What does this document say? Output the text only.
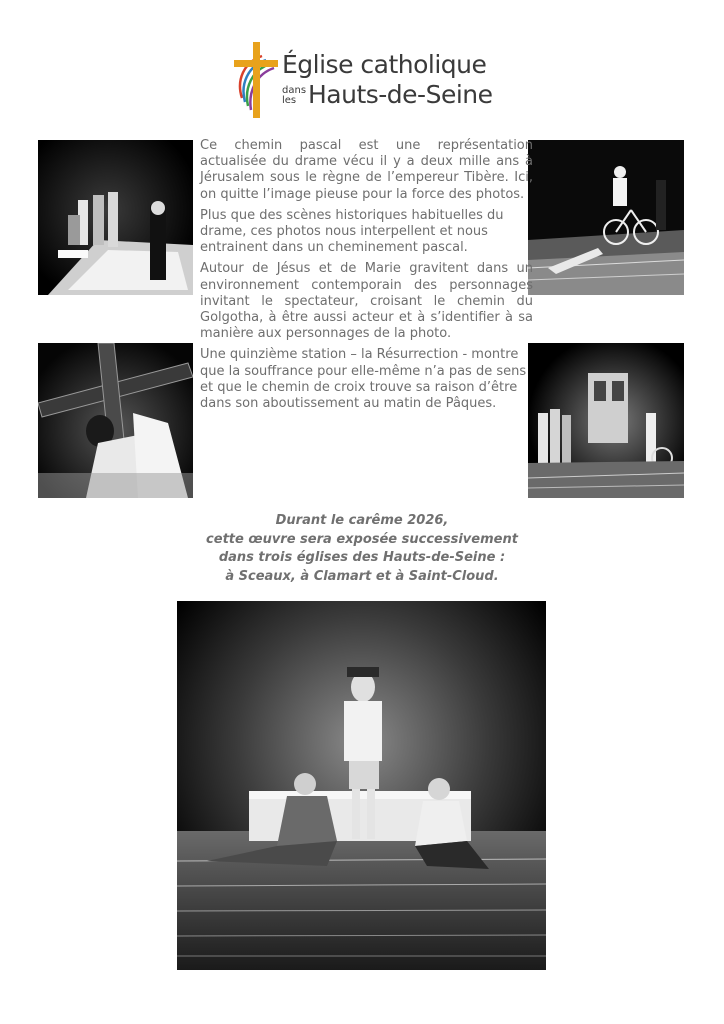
Église catholique
dans
les Hauts-de-Seine

Ce chemin pascal est une représentation actualisée du drame vécu il y a deux mille ans à Jérusalem sous le règne de l’empereur Tibère. Ici, on quitte l’image pieuse pour la force des photos.

Plus que des scènes historiques habituelles du drame, ces photos nous interpellent et nous entrainent dans un cheminement pascal.

Autour de Jésus et de Marie gravitent dans un environnement contemporain des personnages invitant le spectateur, croisant le chemin du Golgotha, à être aussi acteur et à s’identifier à sa manière aux personnages de la photo.

Une quinzième station – la Résurrection - montre que la souffrance pour elle-même n’a pas de sens et que le chemin de croix trouve sa raison d’être dans son aboutissement au matin de Pâques.

Durant le carême 2026,
cette œuvre sera exposée successivement
dans trois églises des Hauts-de-Seine :
à Sceaux, à Clamart et à Saint-Cloud.
